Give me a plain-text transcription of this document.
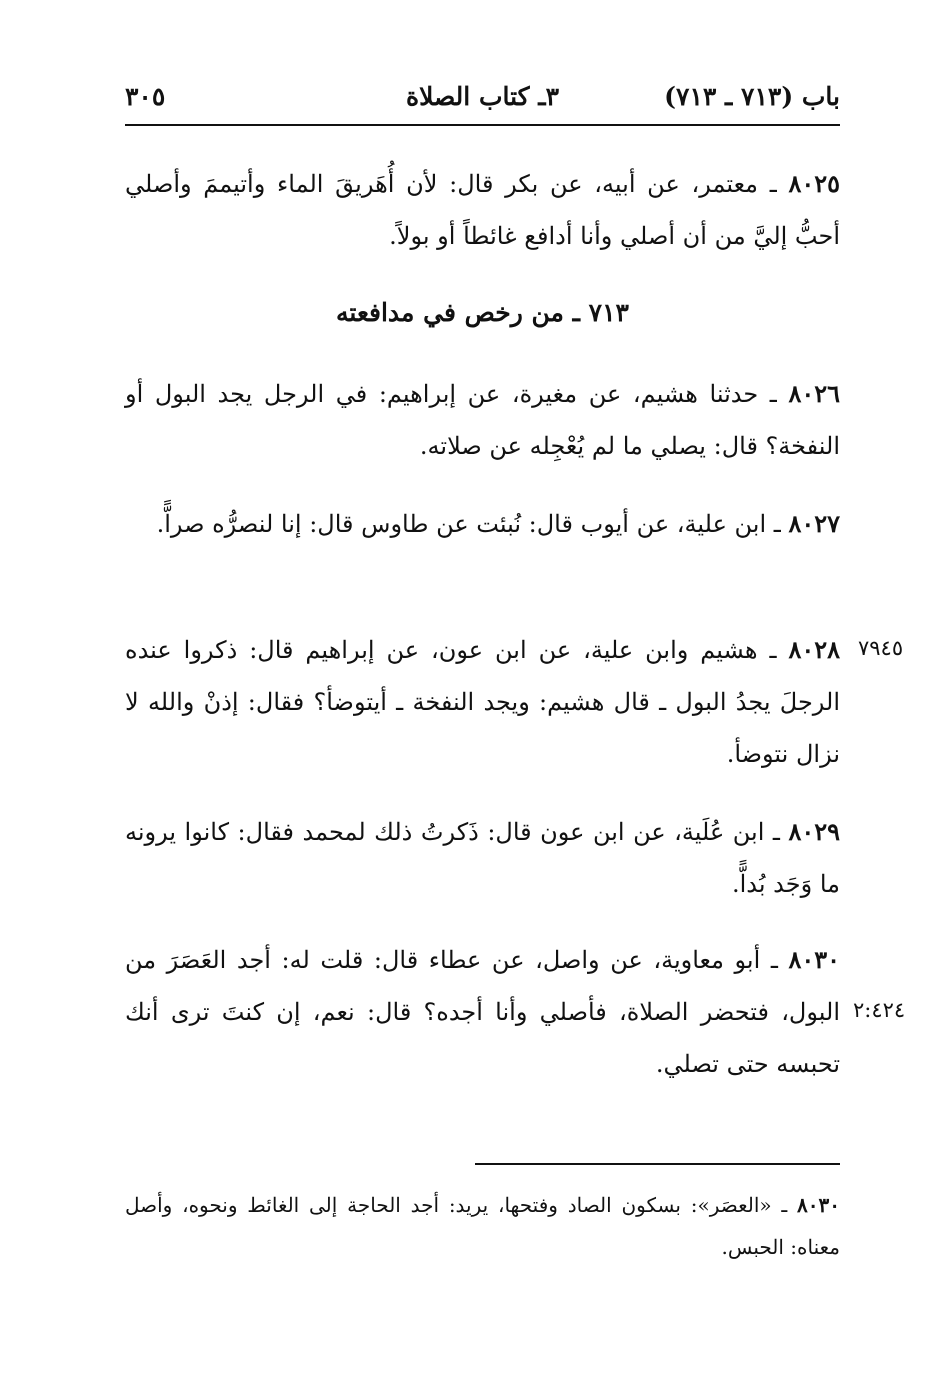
باب (٧١٣ ـ ٧١٣)
٣ـ كتاب الصلاة
٣٠٥
٨٠٢٥ ـ معتمر، عن أبيه، عن بكر قال: لأن أُهَريقَ الماء وأتيممَ وأصلي أحبُّ إليَّ من أن أصلي وأنا أدافع غائطاً أو بولاً.
٧١٣ ـ من رخص في مدافعته
٨٠٢٦ ـ حدثنا هشيم، عن مغيرة، عن إبراهيم: في الرجل يجد البول أو النفخة؟ قال: يصلي ما لم يُعْجِله عن صلاته.
٨٠٢٧ ـ ابن علية، عن أيوب قال: نُبئت عن طاوس قال: إنا لنصرُّه صراًّ.
٧٩٤٥
٨٠٢٨ ـ هشيم وابن علية، عن ابن عون، عن إبراهيم قال: ذكروا عنده الرجلَ يجدُ البول ـ قال هشيم: ويجد النفخة ـ أيتوضأ؟ فقال: إذنْ والله لا نزال نتوضأ.
٨٠٢٩ ـ ابن عُلَية، عن ابن عون قال: ذَكرتُ ذلك لمحمد فقال: كانوا يرونه ما وَجَد بُداًّ.
٢:٤٢٤
٨٠٣٠ ـ أبو معاوية، عن واصل، عن عطاء قال: قلت له: أجد العَصَرَ من البول، فتحضر الصلاة، فأصلي وأنا أجده؟ قال: نعم، إن كنتَ ترى أنك تحبسه حتى تصلي.
٨٠٣٠ ـ «العصَر»: بسكون الصاد وفتحها، يريد: أجد الحاجة إلى الغائط ونحوه، وأصل معناه: الحبس.
